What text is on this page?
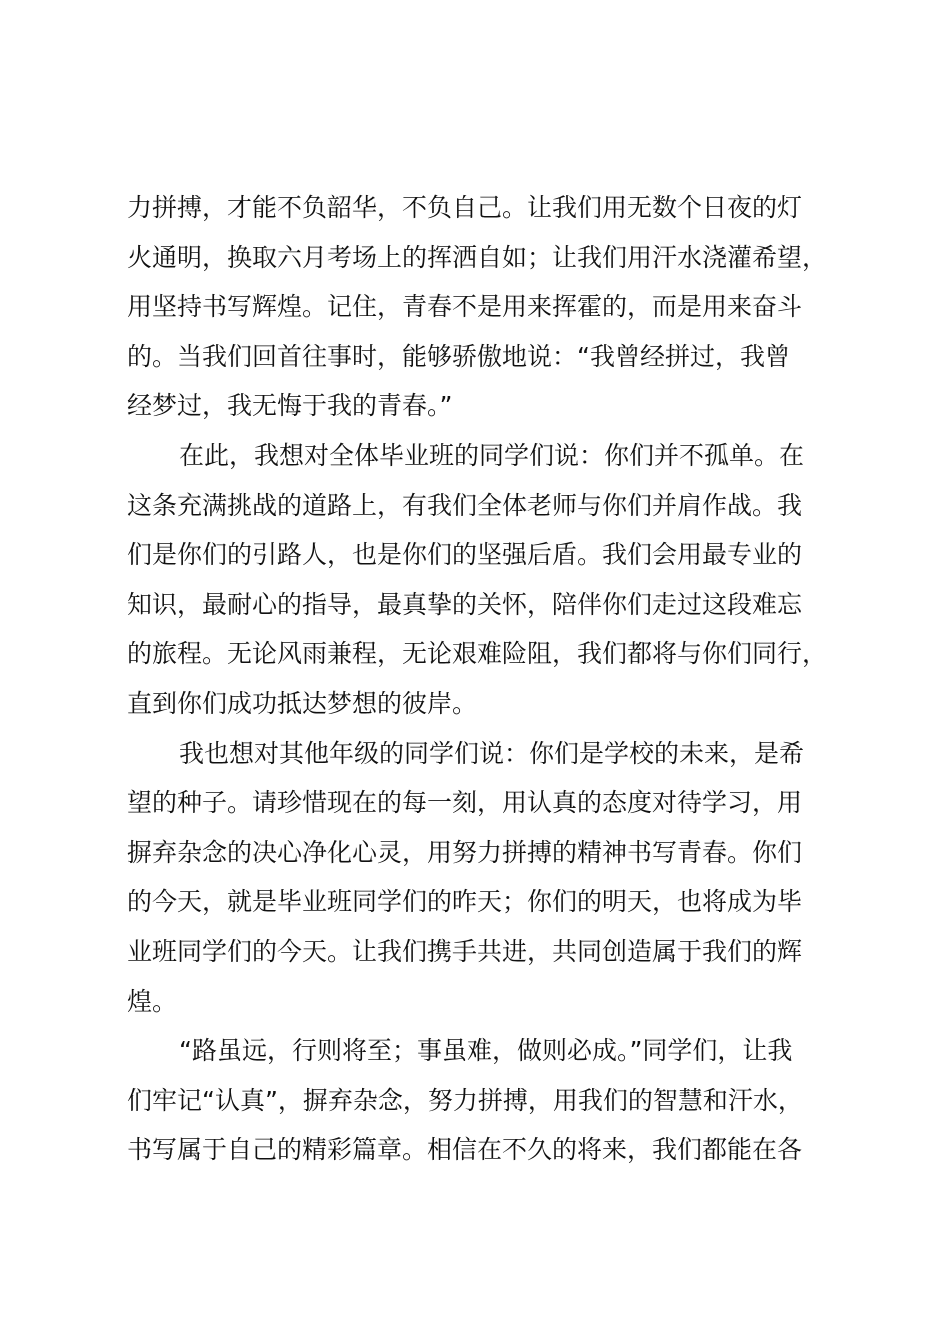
力拼搏，才能不负韶华，不负自己。让我们用无数个日夜的灯
火通明，换取六月考场上的挥洒自如；让我们用汗水浇灌希望，
用坚持书写辉煌。记住，青春不是用来挥霍的，而是用来奋斗
的。当我们回首往事时，能够骄傲地说：“我曾经拼过，我曾
经梦过，我无悔于我的青春。”
在此，我想对全体毕业班的同学们说：你们并不孤单。在
这条充满挑战的道路上，有我们全体老师与你们并肩作战。我
们是你们的引路人，也是你们的坚强后盾。我们会用最专业的
知识，最耐心的指导，最真挚的关怀，陪伴你们走过这段难忘
的旅程。无论风雨兼程，无论艰难险阻，我们都将与你们同行，
直到你们成功抵达梦想的彼岸。
我也想对其他年级的同学们说：你们是学校的未来，是希
望的种子。请珍惜现在的每一刻，用认真的态度对待学习，用
摒弃杂念的决心净化心灵，用努力拼搏的精神书写青春。你们
的今天，就是毕业班同学们的昨天；你们的明天，也将成为毕
业班同学们的今天。让我们携手共进，共同创造属于我们的辉
煌。
“路虽远，行则将至；事虽难，做则必成。”同学们，让我
们牢记“认真”，摒弃杂念，努力拼搏，用我们的智慧和汗水，
书写属于自己的精彩篇章。相信在不久的将来，我们都能在各
